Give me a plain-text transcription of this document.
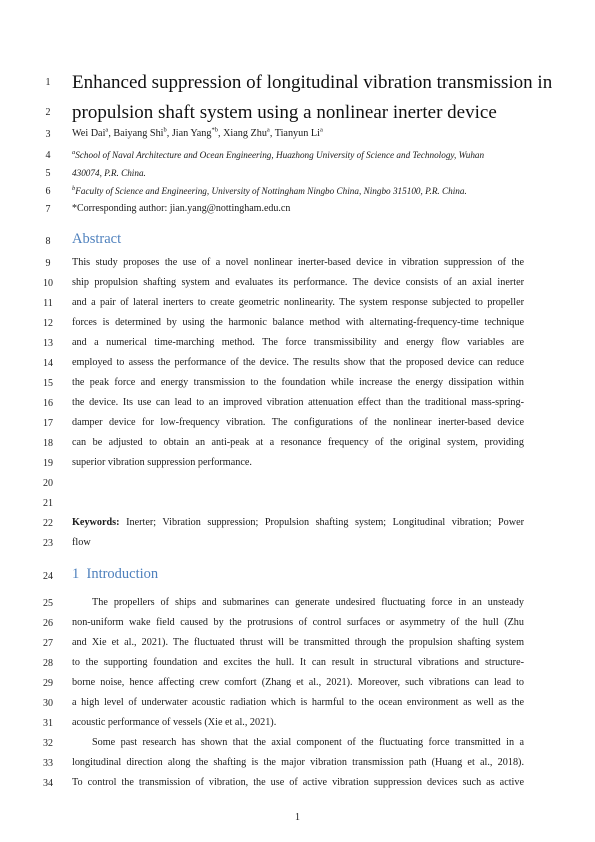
1
2
3
4
5
6
7
8
9
10
11
12
13
14
15
16
17
18
19
20
21
22
23
24
25
26
27
28
29
30
31
32
33
34
Enhanced suppression of longitudinal vibration transmission in
propulsion shaft system using a nonlinear inerter device
Wei Dai$^a$, Baiyang Shi$^b$, Jian Yang$^{*b}$, Xiang Zhu$^a$, Tianyun Li$^a$
$^a$School of Naval Architecture and Ocean Engineering, Huazhong University of Science and Technology, Wuhan
430074, P.R. China.
$^b$Faculty of Science and Engineering, University of Nottingham Ningbo China, Ningbo 315100, P.R. China.
*Corresponding author: jian.yang@nottingham.edu.cn
Abstract
This study proposes the use of a novel nonlinear inerter-based device in vibration suppression of the
ship propulsion shafting system and evaluates its performance. The device consists of an axial inerter
and a pair of lateral inerters to create geometric nonlinearity. The system response subjected to propeller
forces is determined by using the harmonic balance method with alternating-frequency-time technique
and a numerical time-marching method. The force transmissibility and energy flow variables are
employed to assess the performance of the device. The results show that the proposed device can reduce
the peak force and energy transmission to the foundation while increase the energy dissipation within
the device. Its use can lead to an improved vibration attenuation effect than the traditional mass-spring-
damper device for low-frequency vibration. The configurations of the nonlinear inerter-based device
can be adjusted to obtain an anti-peak at a resonance frequency of the original system, providing
superior vibration suppression performance.
Keywords: Inerter; Vibration suppression; Propulsion shafting system; Longitudinal vibration; Power
flow
1 Introduction
The propellers of ships and submarines can generate undesired fluctuating force in an unsteady
non-uniform wake field caused by the protrusions of control surfaces or asymmetry of the hull (Zhu
and Xie et al., 2021). The fluctuated thrust will be transmitted through the propulsion shafting system
to the supporting foundation and excites the hull. It can result in structural vibrations and structure-
borne noise, hence affecting crew comfort (Zhang et al., 2021). Moreover, such vibrations can lead to
a high level of underwater acoustic radiation which is harmful to the ocean environment as well as the
acoustic performance of vessels (Xie et al., 2021).
Some past research has shown that the axial component of the fluctuating force transmitted in a
longitudinal direction along the shafting is the major vibration transmission path (Huang et al., 2018).
To control the transmission of vibration, the use of active vibration suppression devices such as active
1
